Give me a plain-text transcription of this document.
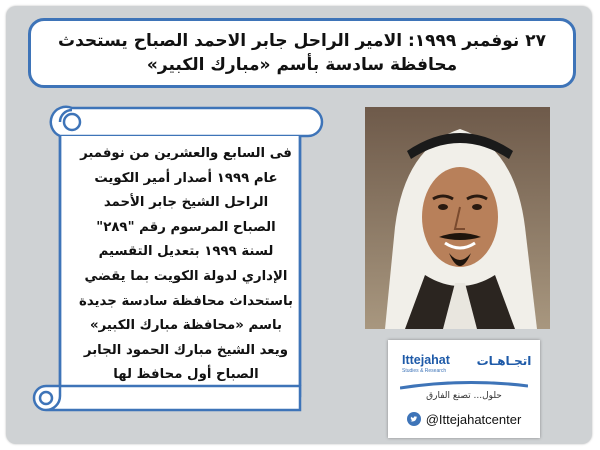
٢٧ نوفمبر ١٩٩٩: الامير الراحل جابر الاحمد الصباح يستحدث
محافظة سادسة بأسم «مبارك الكبير»
فى السابع والعشرين من نوفمبر
عام ١٩٩٩ أصدار أمير الكويت
الراحل الشيخ جابر الأحمد
الصباح المرسوم رقم "٢٨٩"
لسنة ١٩٩٩ بتعديل التقسيم
الإداري لدولة الكويت بما يقضي
باستحداث محافظة سادسة جديدة
باسم «محافظة مبارك الكبير»
ويعد الشيخ مبارك الحمود الجابر
الصباح أول محافظ لها
اتجـاهـات
Ittejahat
Studies & Research
حلول... تصنع الفارق
@Ittejahatcenter
